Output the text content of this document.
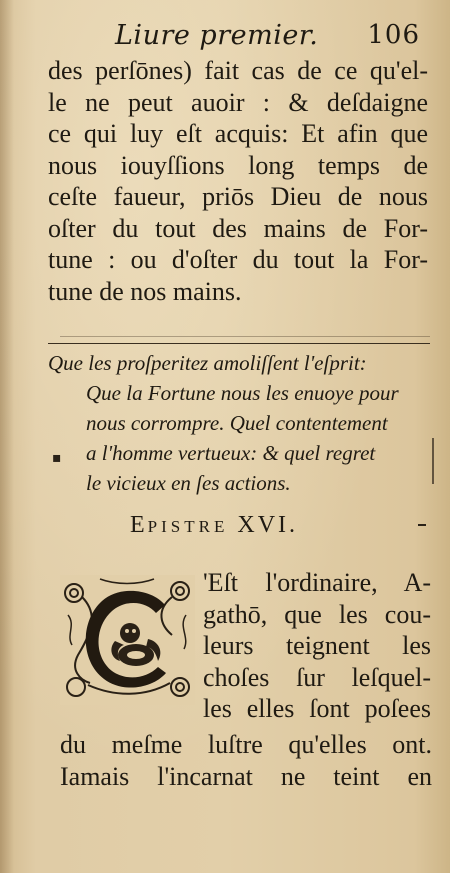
Liure premier. 106
des perſōnes) fait cas de ce qu'el-
le ne peut auoir : & deſdaigne
ce qui luy eſt acquis: Et afin que
nous iouyſſions long temps de
ceſte faueur, priōs Dieu de nous
oſter du tout des mains de For-
tune : ou d'oſter du tout la For-
tune de nos mains.
Que les proſperitez amoliſſent l'eſprit:
Que la Fortune nous les enuoye pour
nous corrompre. Quel contentement
a l'homme vertueux: & quel regret
le vicieux en ſes actions.
▪
EPISTRE XVI.
'Eſt l'ordinaire, A-
gathō, que les cou-
leurs teignent les
choſes ſur leſquel-
les elles ſont poſees
du meſme luſtre qu'elles ont.
Iamais l'incarnat ne teint en
